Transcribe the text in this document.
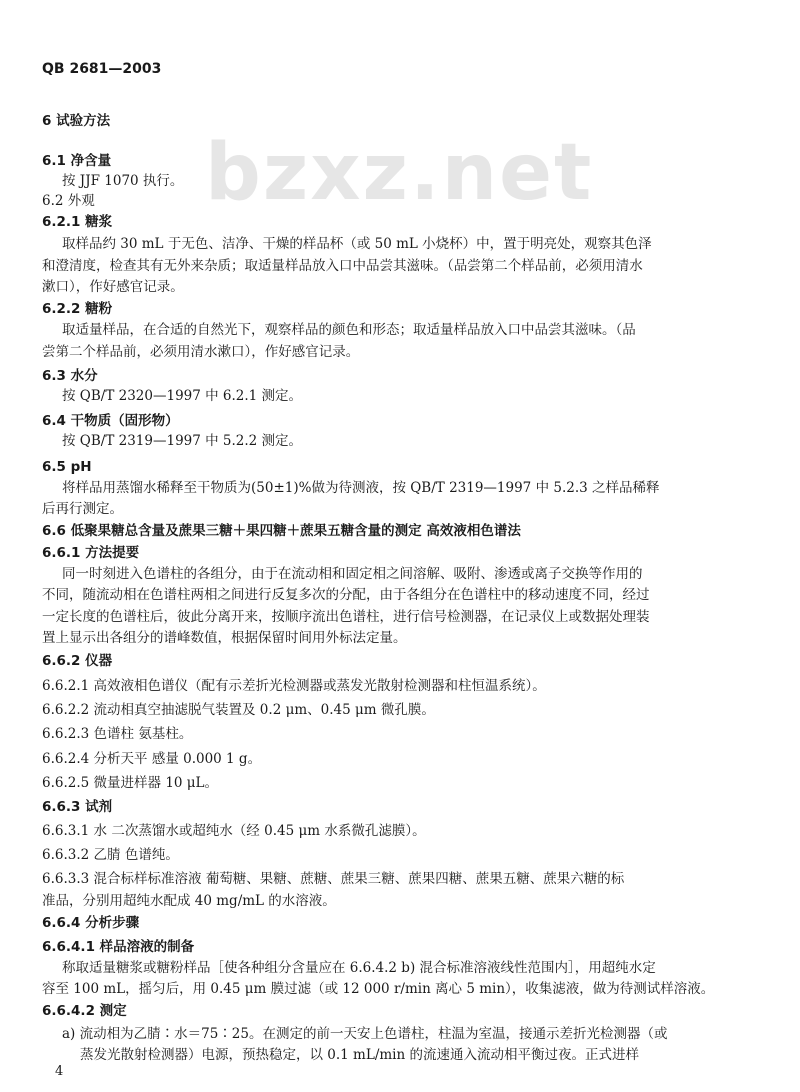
QB 2681—2003
bzxz.net
6 试验方法
6.1 净含量
按 JJF 1070 执行。
6.2 外观
6.2.1 糖浆
取样品约 30 mL 于无色、洁净、干燥的样品杯（或 50 mL 小烧杯）中，置于明亮处，观察其色泽
和澄清度，检查其有无外来杂质；取适量样品放入口中品尝其滋味。（品尝第二个样品前，必须用清水
漱口），作好感官记录。
6.2.2 糖粉
取适量样品，在合适的自然光下，观察样品的颜色和形态；取适量样品放入口中品尝其滋味。（品
尝第二个样品前，必须用清水漱口），作好感官记录。
6.3 水分
按 QB/T 2320—1997 中 6.2.1 测定。
6.4 干物质（固形物）
按 QB/T 2319—1997 中 5.2.2 测定。
6.5 pH
将样品用蒸馏水稀释至干物质为(50±1)%做为待测液，按 QB/T 2319—1997 中 5.2.3 之样品稀释
后再行测定。
6.6 低聚果糖总含量及蔗果三糖＋果四糖＋蔗果五糖含量的测定 高效液相色谱法
6.6.1 方法提要
同一时刻进入色谱柱的各组分，由于在流动相和固定相之间溶解、吸附、渗透或离子交换等作用的
不同，随流动相在色谱柱两相之间进行反复多次的分配，由于各组分在色谱柱中的移动速度不同，经过
一定长度的色谱柱后，彼此分离开来，按顺序流出色谱柱，进行信号检测器，在记录仪上或数据处理装
置上显示出各组分的谱峰数值，根据保留时间用外标法定量。
6.6.2 仪器
6.6.2.1 高效液相色谱仪（配有示差折光检测器或蒸发光散射检测器和柱恒温系统）。
6.6.2.2 流动相真空抽滤脱气装置及 0.2 μm、0.45 μm 微孔膜。
6.6.2.3 色谱柱 氨基柱。
6.6.2.4 分析天平 感量 0.000 1 g。
6.6.2.5 微量进样器 10 μL。
6.6.3 试剂
6.6.3.1 水 二次蒸馏水或超纯水（经 0.45 μm 水系微孔滤膜）。
6.6.3.2 乙腈 色谱纯。
6.6.3.3 混合标样标准溶液 葡萄糖、果糖、蔗糖、蔗果三糖、蔗果四糖、蔗果五糖、蔗果六糖的标
准品，分别用超纯水配成 40 mg/mL 的水溶液。
6.6.4 分析步骤
6.6.4.1 样品溶液的制备
称取适量糖浆或糖粉样品［使各种组分含量应在 6.6.4.2 b) 混合标准溶液线性范围内］，用超纯水定
容至 100 mL，摇匀后，用 0.45 μm 膜过滤（或 12 000 r/min 离心 5 min），收集滤液，做为待测试样溶液。
6.6.4.2 测定
a) 流动相为乙腈∶水＝75∶25。在测定的前一天安上色谱柱，柱温为室温，接通示差折光检测器（或
蒸发光散射检测器）电源，预热稳定，以 0.1 mL/min 的流速通入流动相平衡过夜。正式进样
4
